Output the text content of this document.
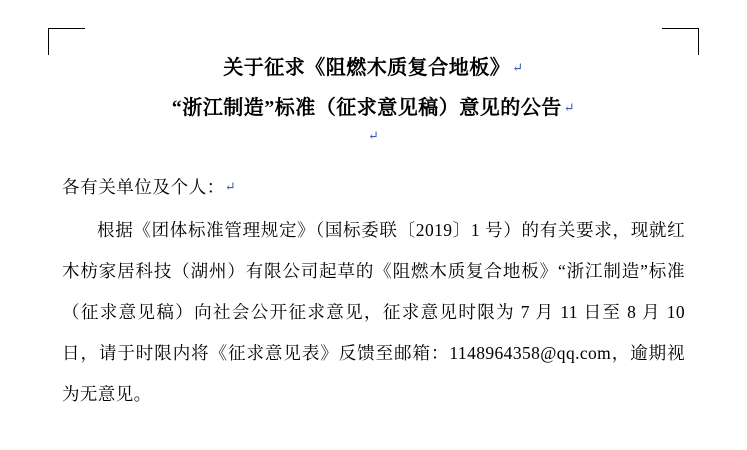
关于征求《阻燃木质复合地板》 ↵
“浙江制造”标准（征求意见稿）意见的公告 ↵
↵
各有关单位及个人：↵
根据《团体标准管理规定》（国标委联〔2019〕1 号）的有关要求，现就红木枋家居科技（湖州）有限公司起草的《阻燃木质复合地板》“浙江制造”标准（征求意见稿）向社会公开征求意见，征求意见时限为 7 月 11 日至 8 月 10 日，请于时限内将《征求意见表》反馈至邮箱：1148964358@qq.com，逾期视为无意见。
